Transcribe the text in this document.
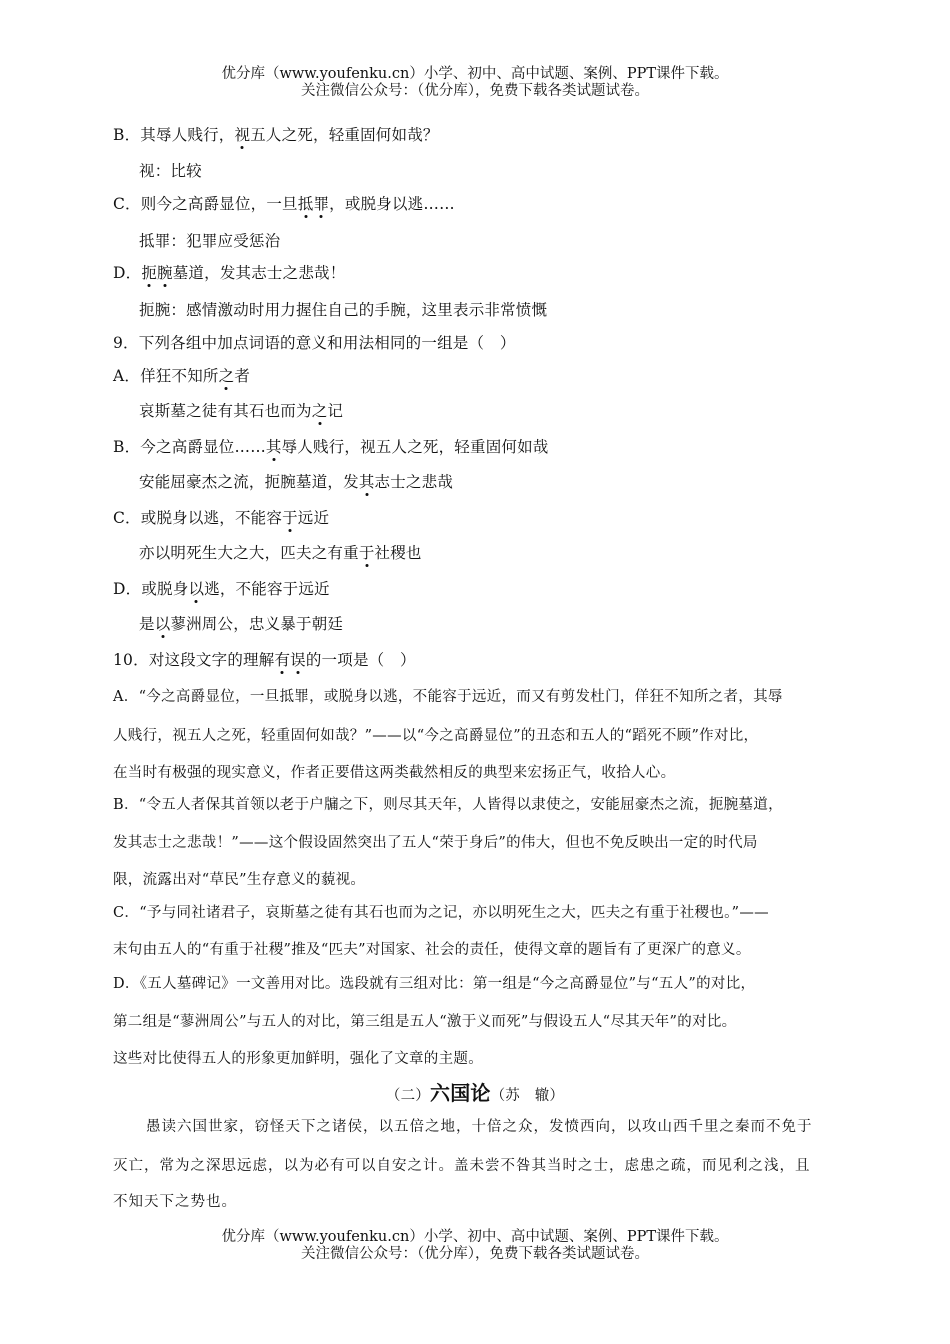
优分库（www.youfenku.cn）小学、初中、高中试题、案例、PPT课件下载。
关注微信公众号：（优分库），免费下载各类试题试卷。
B．其辱人贱行，视五人之死，轻重固何如哉？
视：比较
C．则今之高爵显位，一旦抵罪，或脱身以逃……
抵罪：犯罪应受惩治
D．扼腕墓道，发其志士之悲哉！
扼腕：感情激动时用力握住自己的手腕，这里表示非常愤慨
9．下列各组中加点词语的意义和用法相同的一组是（　）
A．佯狂不知所之者
哀斯墓之徒有其石也而为之记
B．今之高爵显位……其辱人贱行，视五人之死，轻重固何如哉
安能屈豪杰之流，扼腕墓道，发其志士之悲哉
C．或脱身以逃，不能容于远近
亦以明死生大之大，匹夫之有重于社稷也
D．或脱身以逃，不能容于远近
是以蓼洲周公，忠义暴于朝廷
10．对这段文字的理解有误的一项是（　）
A．“今之高爵显位，一旦抵罪，或脱身以逃，不能容于远近，而又有剪发杜门，佯狂不知所之者，其辱
人贱行，视五人之死，轻重固何如哉？”——以“今之高爵显位”的丑态和五人的“蹈死不顾”作对比，
在当时有极强的现实意义，作者正要借这两类截然相反的典型来宏扬正气，收拾人心。
B．“令五人者保其首领以老于户牖之下，则尽其天年，人皆得以隶使之，安能屈豪杰之流，扼腕墓道，
发其志士之悲哉！”——这个假设固然突出了五人“荣于身后”的伟大，但也不免反映出一定的时代局
限，流露出对“草民”生存意义的藐视。
C．“予与同社诸君子，哀斯墓之徒有其石也而为之记，亦以明死生之大，匹夫之有重于社稷也。”——
末句由五人的“有重于社稷”推及“匹夫”对国家、社会的责任，使得文章的题旨有了更深广的意义。
D．《五人墓碑记》一文善用对比。选段就有三组对比：第一组是“今之高爵显位”与“五人”的对比，
第二组是“蓼洲周公”与五人的对比，第三组是五人“激于义而死”与假设五人“尽其天年”的对比。
这些对比使得五人的形象更加鲜明，强化了文章的主题。
（二）六国论（苏　辙）
愚读六国世家，窃怪天下之诸侯，以五倍之地，十倍之众，发愤西向，以攻山西千里之秦而不免于
灭亡，常为之深思远虑，以为必有可以自安之计。盖未尝不咎其当时之士，虑患之疏，而见利之浅，且
不知天下之势也。
优分库（www.youfenku.cn）小学、初中、高中试题、案例、PPT课件下载。
关注微信公众号：（优分库），免费下载各类试题试卷。
